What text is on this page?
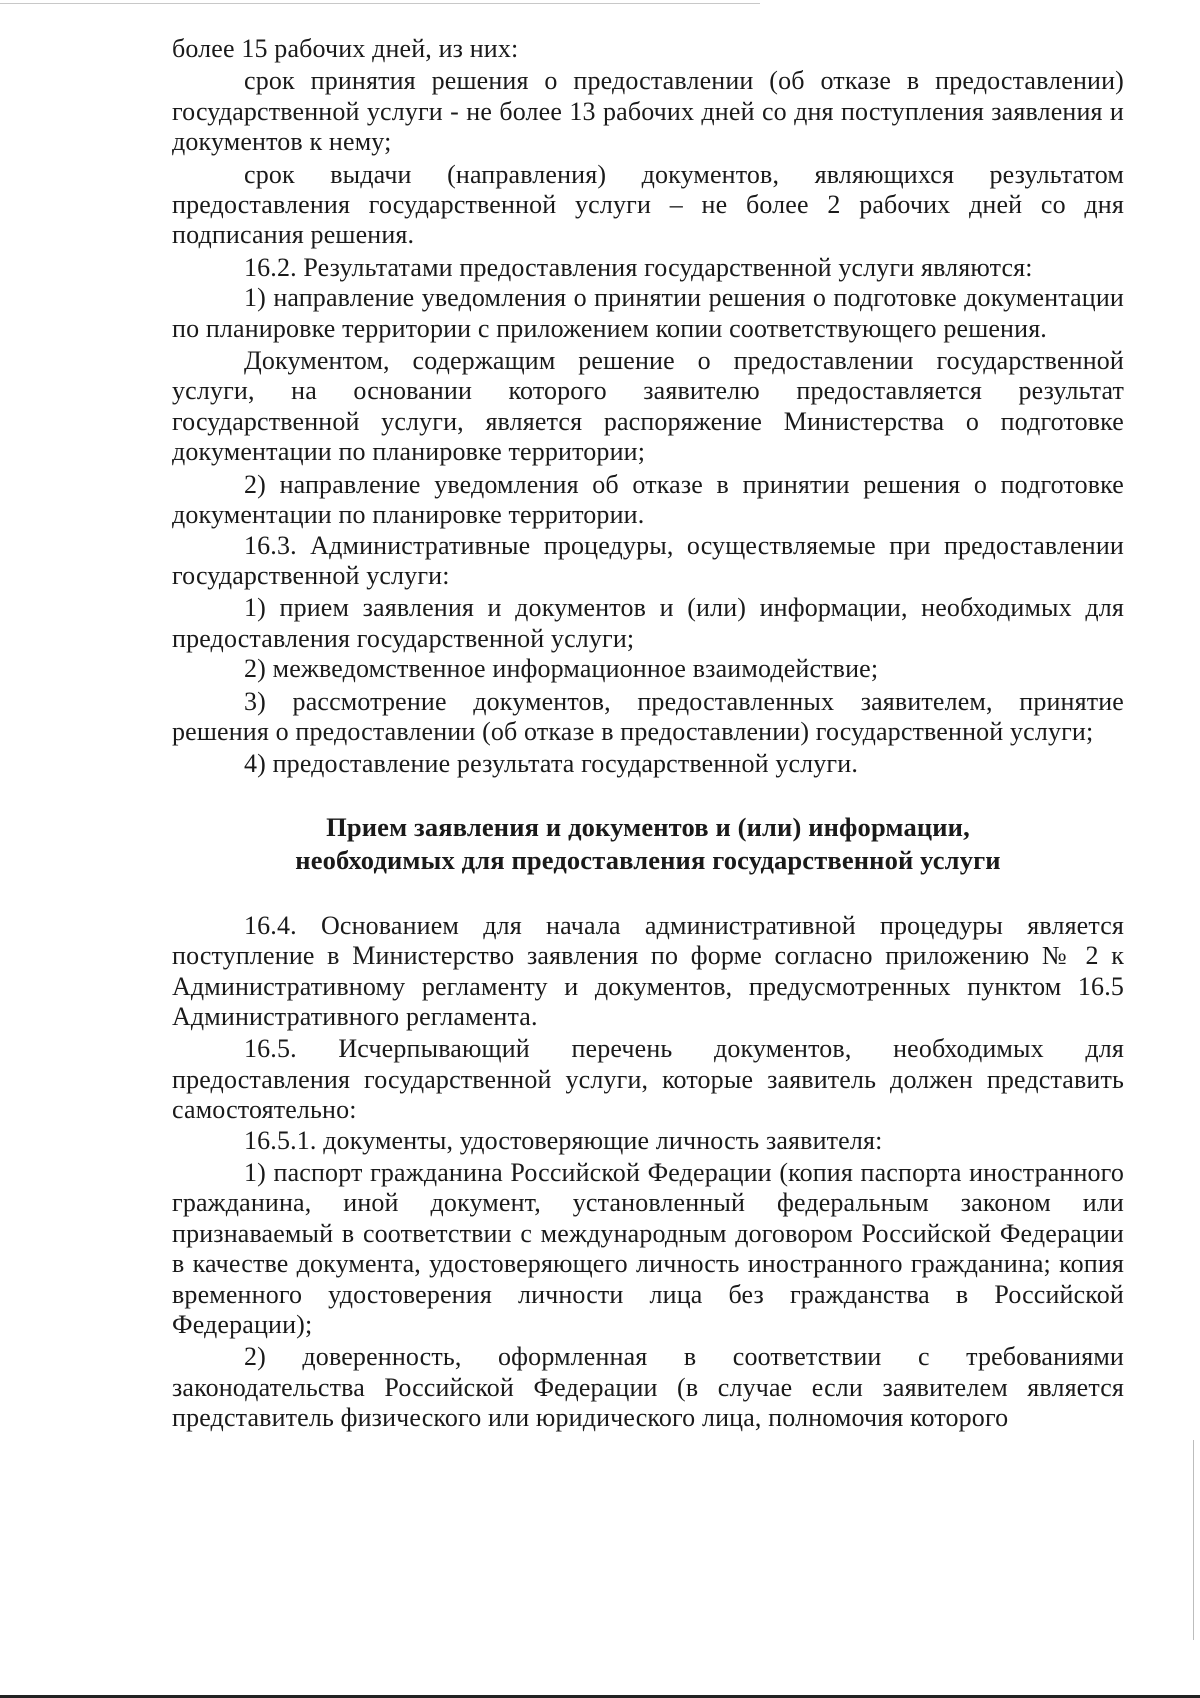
более 15 рабочих дней, из них:

срок принятия решения о предоставлении (об отказе в предоставлении) государственной услуги - не более 13 рабочих дней со дня поступления заявления и документов к нему;

срок выдачи (направления) документов, являющихся результатом предоставления государственной услуги – не более 2 рабочих дней со дня подписания решения.

16.2. Результатами предоставления государственной услуги являются:

1) направление уведомления о принятии решения о подготовке документации по планировке территории с приложением копии соответствующего решения.

Документом, содержащим решение о предоставлении государственной услуги, на основании которого заявителю предоставляется результат государственной услуги, является распоряжение Министерства о подготовке документации по планировке территории;

2) направление уведомления об отказе в принятии решения о подготовке документации по планировке территории.

16.3. Административные процедуры, осуществляемые при предоставлении государственной услуги:

1) прием заявления и документов и (или) информации, необходимых для предоставления государственной услуги;

2) межведомственное информационное взаимодействие;

3) рассмотрение документов, предоставленных заявителем, принятие решения о предоставлении (об отказе в предоставлении) государственной услуги;

4) предоставление результата государственной услуги.

Прием заявления и документов и (или) информации,
необходимых для предоставления государственной услуги

16.4. Основанием для начала административной процедуры является поступление в Министерство заявления по форме согласно приложению № 2 к Административному регламенту и документов, предусмотренных пунктом 16.5 Административного регламента.

16.5. Исчерпывающий перечень документов, необходимых для предоставления государственной услуги, которые заявитель должен представить самостоятельно:

16.5.1. документы, удостоверяющие личность заявителя:

1) паспорт гражданина Российской Федерации (копия паспорта иностранного гражданина, иной документ, установленный федеральным законом или признаваемый в соответствии с международным договором Российской Федерации в качестве документа, удостоверяющего личность иностранного гражданина; копия временного удостоверения личности лица без гражданства в Российской Федерации);

2) доверенность, оформленная в соответствии с требованиями законодательства Российской Федерации (в случае если заявителем является представитель физического или юридического лица, полномочия которого
